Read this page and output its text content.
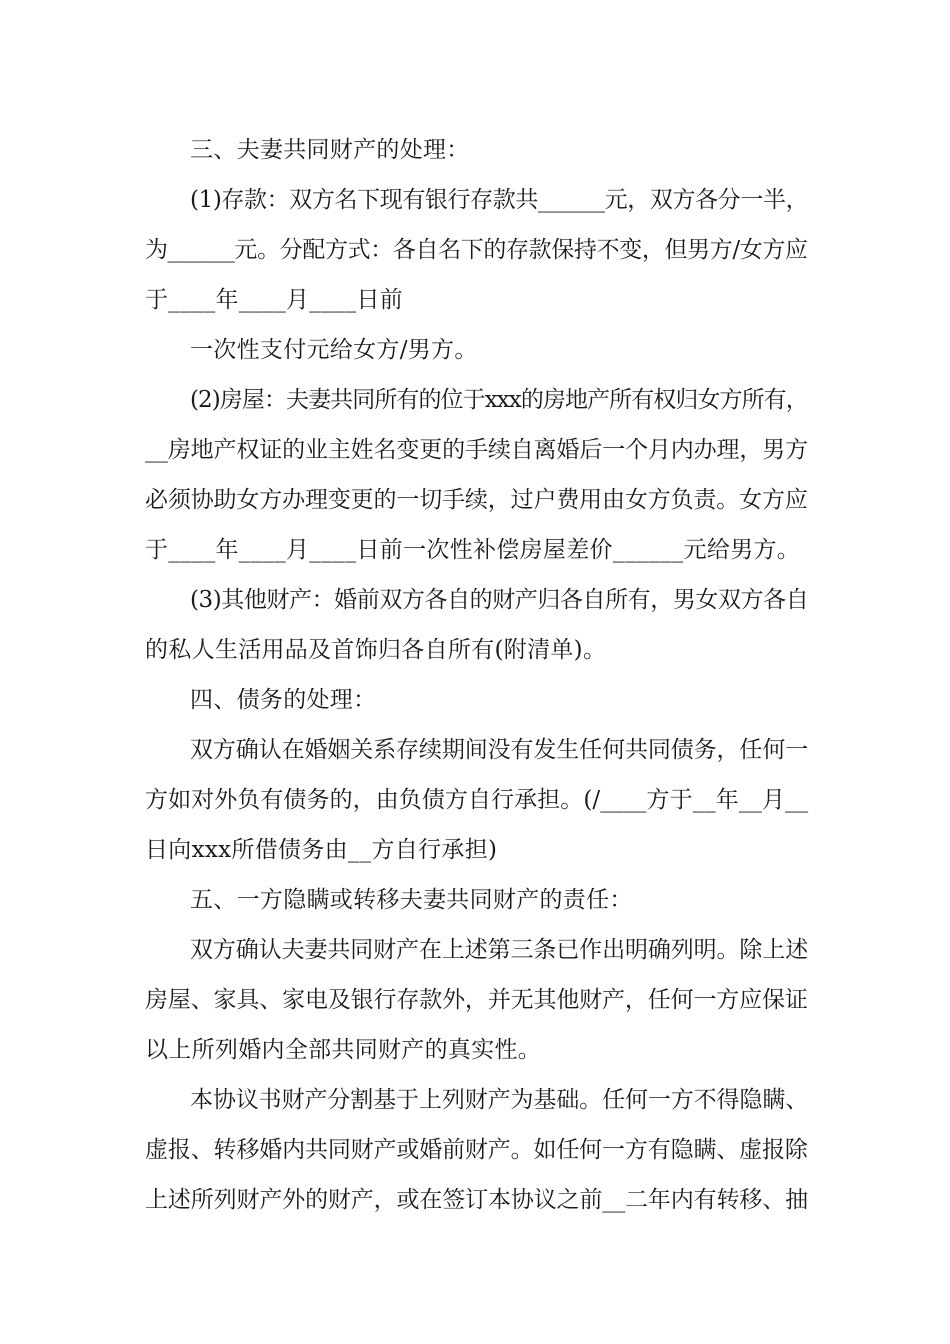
三、夫妻共同财产的处理：
(1)存款：双方名下现有银行存款共______元，双方各分一半，
为______元。分配方式：各自名下的存款保持不变，但男方/女方应
于____年____月____日前
一次性支付元给女方/男方。
(2)房屋：夫妻共同所有的位于xxx的房地产所有权归女方所有，
__房地产权证的业主姓名变更的手续自离婚后一个月内办理，男方
必须协助女方办理变更的一切手续，过户费用由女方负责。女方应
于____年____月____日前一次性补偿房屋差价______元给男方。
(3)其他财产：婚前双方各自的财产归各自所有，男女双方各自
的私人生活用品及首饰归各自所有(附清单)。
四、债务的处理：
双方确认在婚姻关系存续期间没有发生任何共同债务，任何一
方如对外负有债务的，由负债方自行承担。(/____方于__年__月__
日向xxx所借债务由__方自行承担)
五、一方隐瞒或转移夫妻共同财产的责任：
双方确认夫妻共同财产在上述第三条已作出明确列明。除上述
房屋、家具、家电及银行存款外，并无其他财产，任何一方应保证
以上所列婚内全部共同财产的真实性。
本协议书财产分割基于上列财产为基础。任何一方不得隐瞒、
虚报、转移婚内共同财产或婚前财产。如任何一方有隐瞒、虚报除
上述所列财产外的财产，或在签订本协议之前__二年内有转移、抽
